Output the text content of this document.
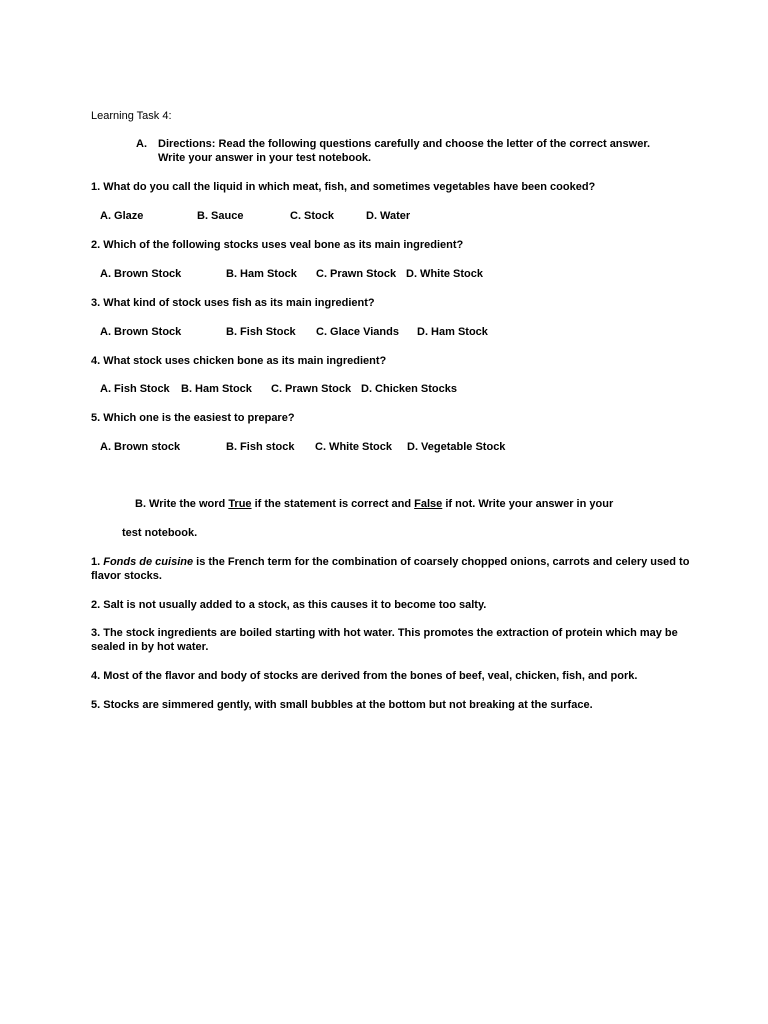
Learning Task 4:
A. Directions: Read the following questions carefully and choose the letter of the correct answer.
Write your answer in your test notebook.
1. What do you call the liquid in which meat, fish, and sometimes vegetables have been cooked?
A. Glaze	B. Sauce	C. Stock	D. Water
2. Which of the following stocks uses veal bone as its main ingredient?
A. Brown Stock	B. Ham Stock C. Prawn Stock D. White Stock
3. What kind of stock uses fish as its main ingredient?
A. Brown Stock	B. Fish Stock C. Glace Viands D. Ham Stock
4. What stock uses chicken bone as its main ingredient?
A. Fish Stock B. Ham Stock C. Prawn Stock D. Chicken Stocks
5. Which one is the easiest to prepare?
A. Brown stock	B. Fish stock C. White Stock D. Vegetable Stock
B. Write the word True if the statement is correct and False if not. Write your answer in your
test notebook.
1. Fonds de cuisine is the French term for the combination of coarsely chopped onions, carrots and celery used to flavor stocks.
2. Salt is not usually added to a stock, as this causes it to become too salty.
3. The stock ingredients are boiled starting with hot water. This promotes the extraction of protein which may be sealed in by hot water.
4. Most of the flavor and body of stocks are derived from the bones of beef, veal, chicken, fish, and pork.
5. Stocks are simmered gently, with small bubbles at the bottom but not breaking at the surface.
